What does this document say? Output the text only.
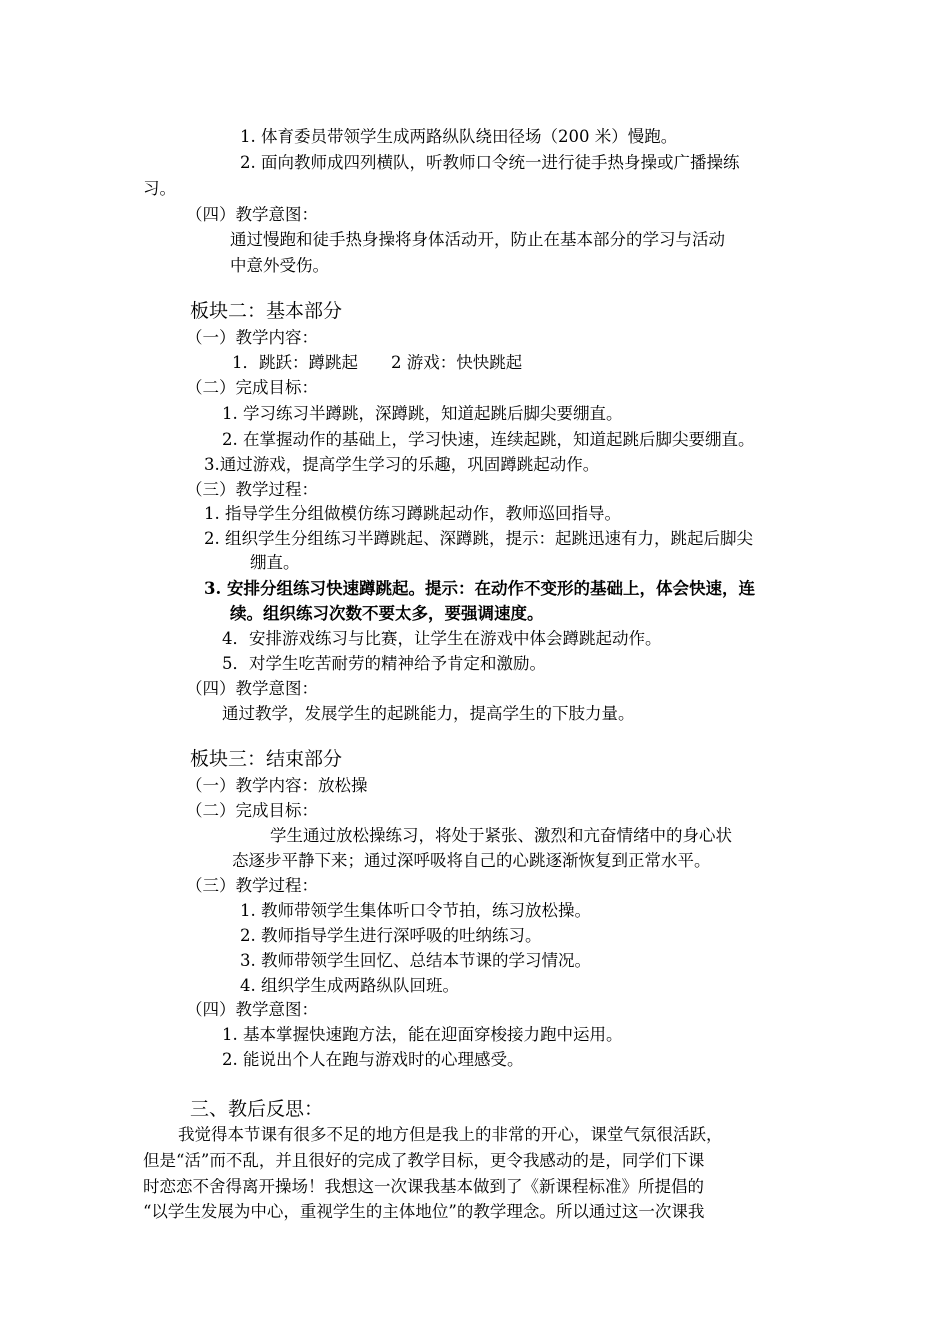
1. 体育委员带领学生成两路纵队绕田径场（200 米）慢跑。
2. 面向教师成四列横队，听教师口令统一进行徒手热身操或广播操练
习。
（四）教学意图：
通过慢跑和徒手热身操将身体活动开，防止在基本部分的学习与活动
中意外受伤。
板块二：基本部分
（一）教学内容：
1．跳跃：蹲跳起　　2 游戏：快快跳起
（二）完成目标：
1. 学习练习半蹲跳，深蹲跳，知道起跳后脚尖要绷直。
2. 在掌握动作的基础上，学习快速，连续起跳，知道起跳后脚尖要绷直。
3.通过游戏，提高学生学习的乐趣，巩固蹲跳起动作。
（三）教学过程：
1. 指导学生分组做模仿练习蹲跳起动作，教师巡回指导。
2. 组织学生分组练习半蹲跳起、深蹲跳，提示：起跳迅速有力，跳起后脚尖
绷直。
3. 安排分组练习快速蹲跳起。提示：在动作不变形的基础上，体会快速，连
续。组织练习次数不要太多，要强调速度。
4．安排游戏练习与比赛，让学生在游戏中体会蹲跳起动作。
5．对学生吃苦耐劳的精神给予肯定和激励。
（四）教学意图：
通过教学，发展学生的起跳能力，提高学生的下肢力量。
板块三：结束部分
（一）教学内容：放松操
（二）完成目标：
学生通过放松操练习，将处于紧张、激烈和亢奋情绪中的身心状
态逐步平静下来；通过深呼吸将自己的心跳逐渐恢复到正常水平。
（三）教学过程：
1. 教师带领学生集体听口令节拍，练习放松操。
2. 教师指导学生进行深呼吸的吐纳练习。
3. 教师带领学生回忆、总结本节课的学习情况。
4. 组织学生成两路纵队回班。
（四）教学意图：
1. 基本掌握快速跑方法，能在迎面穿梭接力跑中运用。
2. 能说出个人在跑与游戏时的心理感受。
三、教后反思：
我觉得本节课有很多不足的地方但是我上的非常的开心，课堂气氛很活跃，
但是“活”而不乱，并且很好的完成了教学目标，更令我感动的是，同学们下课
时恋恋不舍得离开操场！我想这一次课我基本做到了《新课程标准》所提倡的
“以学生发展为中心，重视学生的主体地位”的教学理念。所以通过这一次课我
